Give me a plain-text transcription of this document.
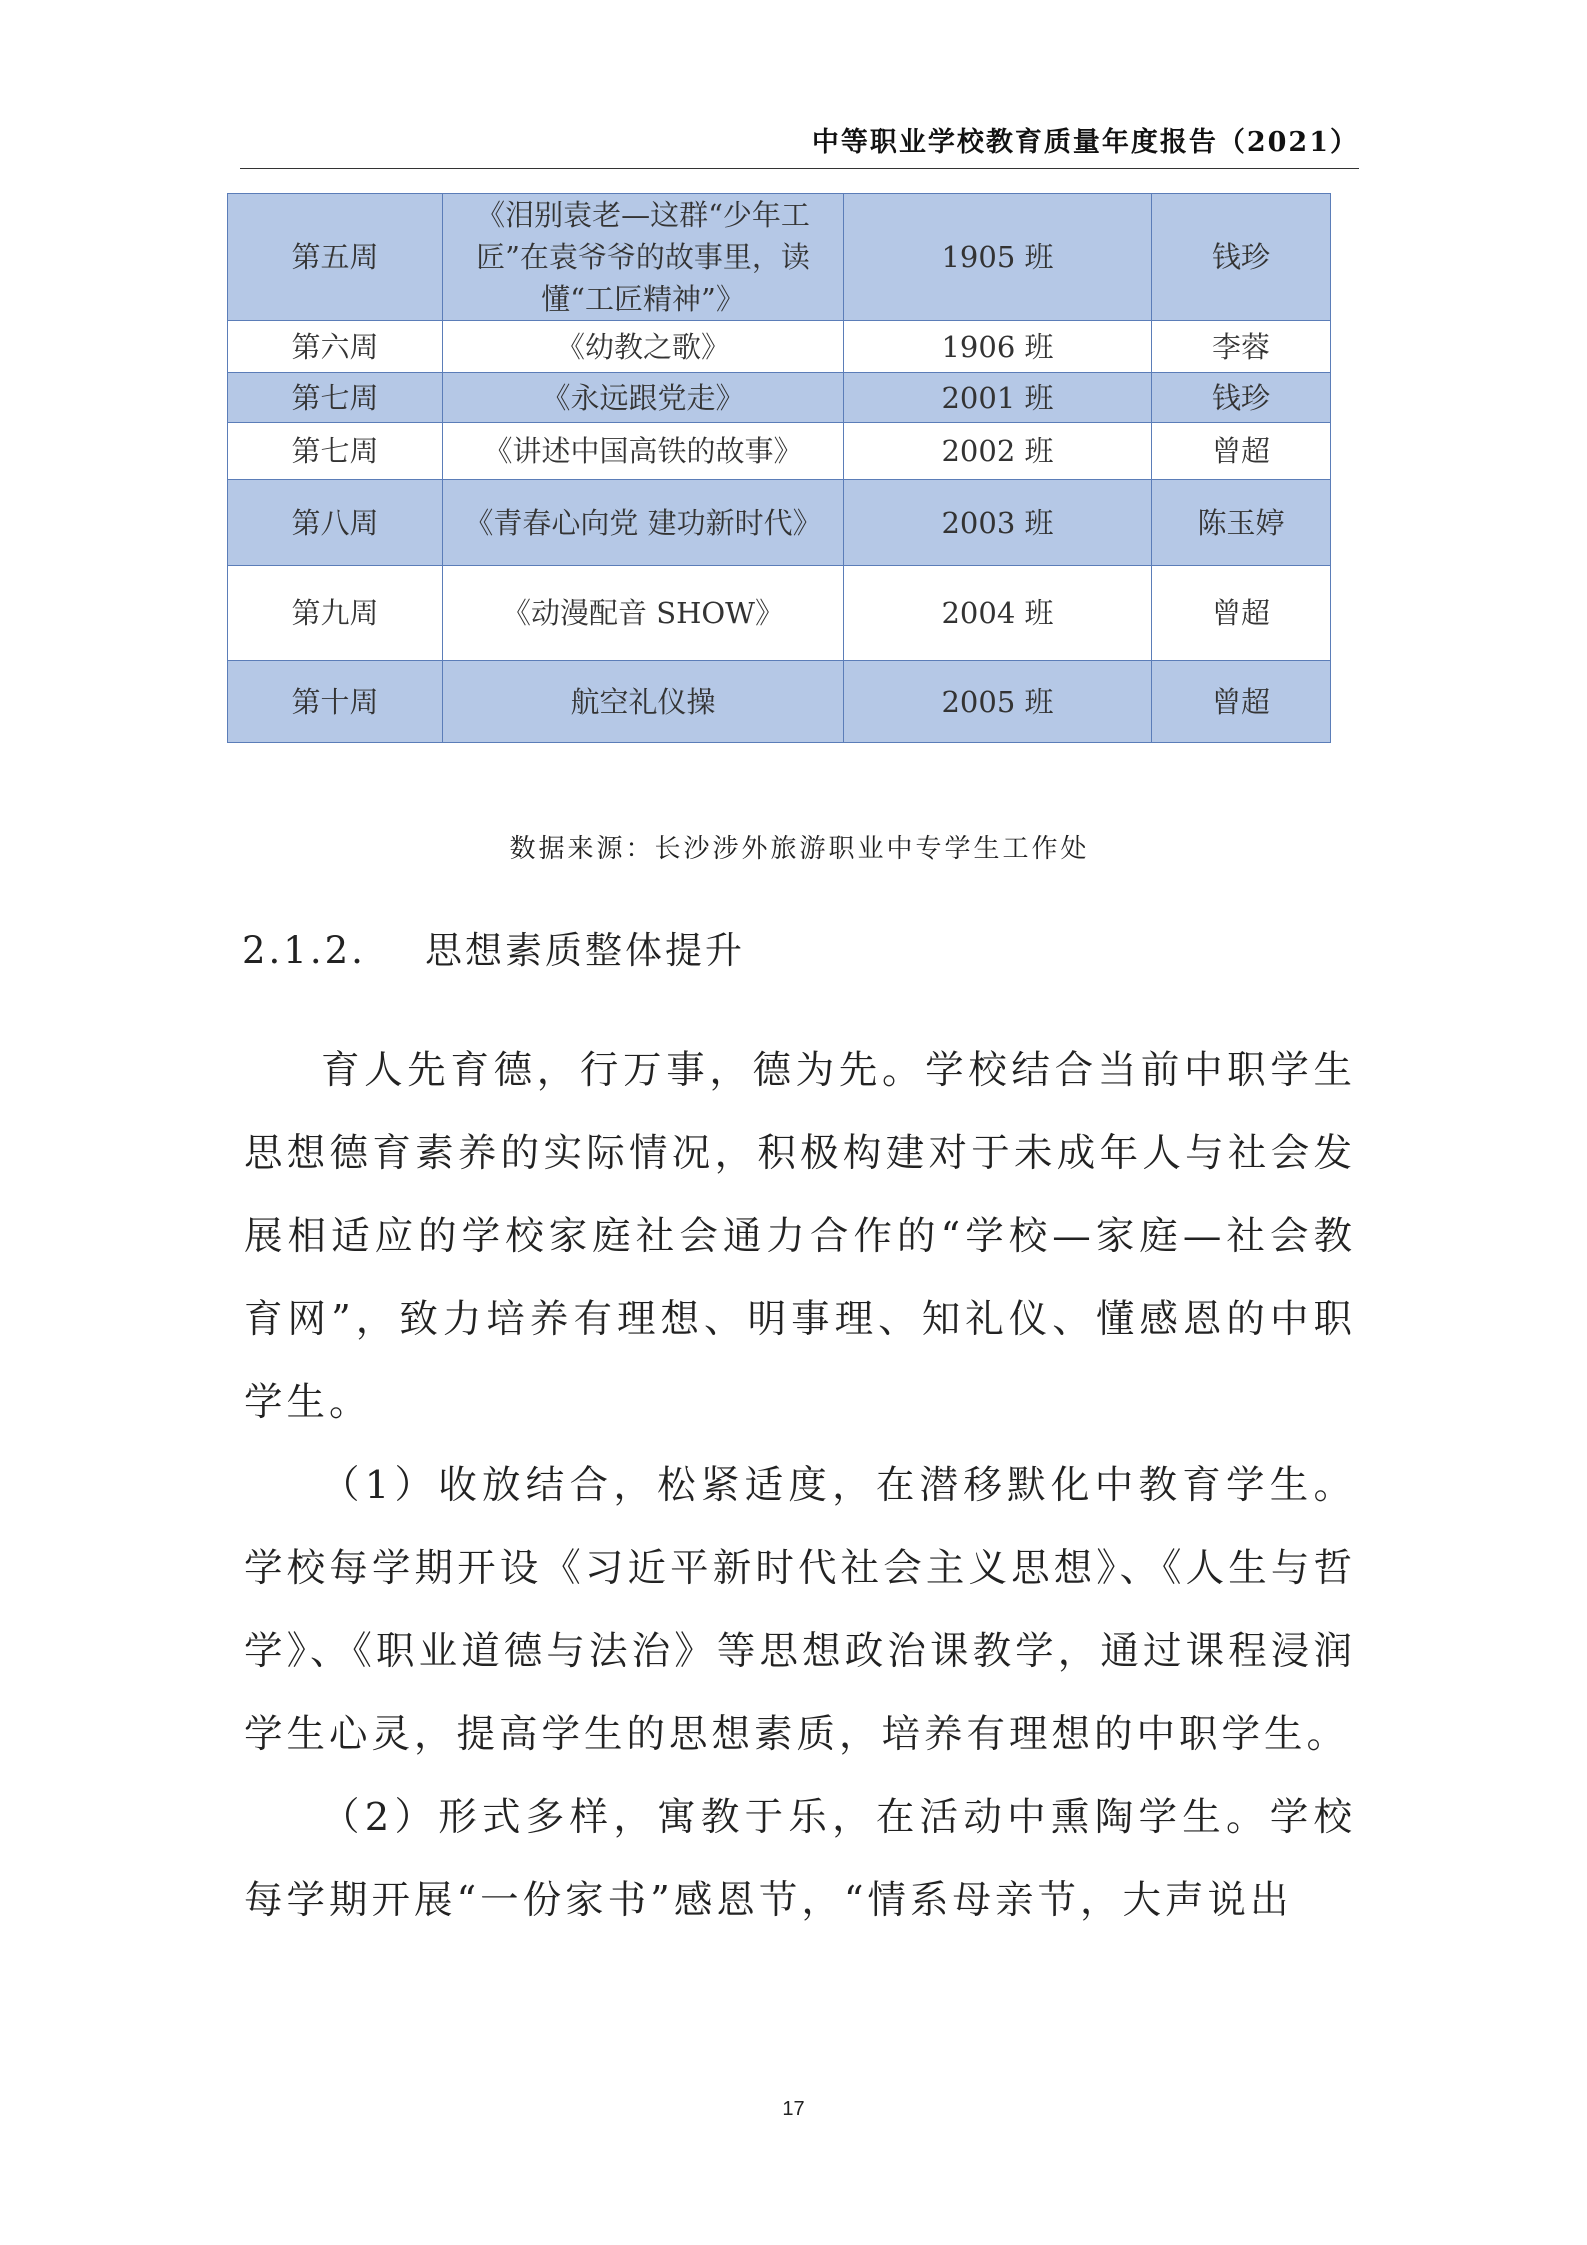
中等职业学校教育质量年度报告（2021）
第五周	《泪别袁老—这群“少年工匠”在袁爷爷的故事里，读懂“工匠精神”》	1905 班	钱珍
第六周	《幼教之歌》	1906 班	李蓉
第七周	《永远跟党走》	2001 班	钱珍
第七周	《讲述中国高铁的故事》	2002 班	曾超
第八周	《青春心向党 建功新时代》	2003 班	陈玉婷
第九周	《动漫配音 SHOW》	2004 班	曾超
第十周	航空礼仪操	2005 班	曾超
数据来源：长沙涉外旅游职业中专学生工作处
2.1.2. 思想素质整体提升

育人先育德，行万事，德为先。学校结合当前中职学生思想德育素养的实际情况，积极构建对于未成年人与社会发展相适应的学校家庭社会通力合作的“学校—家庭—社会教育网”，致力培养有理想、明事理、知礼仪、懂感恩的中职学生。

（1）收放结合，松紧适度，在潜移默化中教育学生。学校每学期开设《习近平新时代社会主义思想》、《人生与哲学》、《职业道德与法治》等思想政治课教学，通过课程浸润学生心灵，提高学生的思想素质，培养有理想的中职学生。

（2）形式多样，寓教于乐，在活动中熏陶学生。学校每学期开展“一份家书”感恩节，“情系母亲节，大声说出

17
